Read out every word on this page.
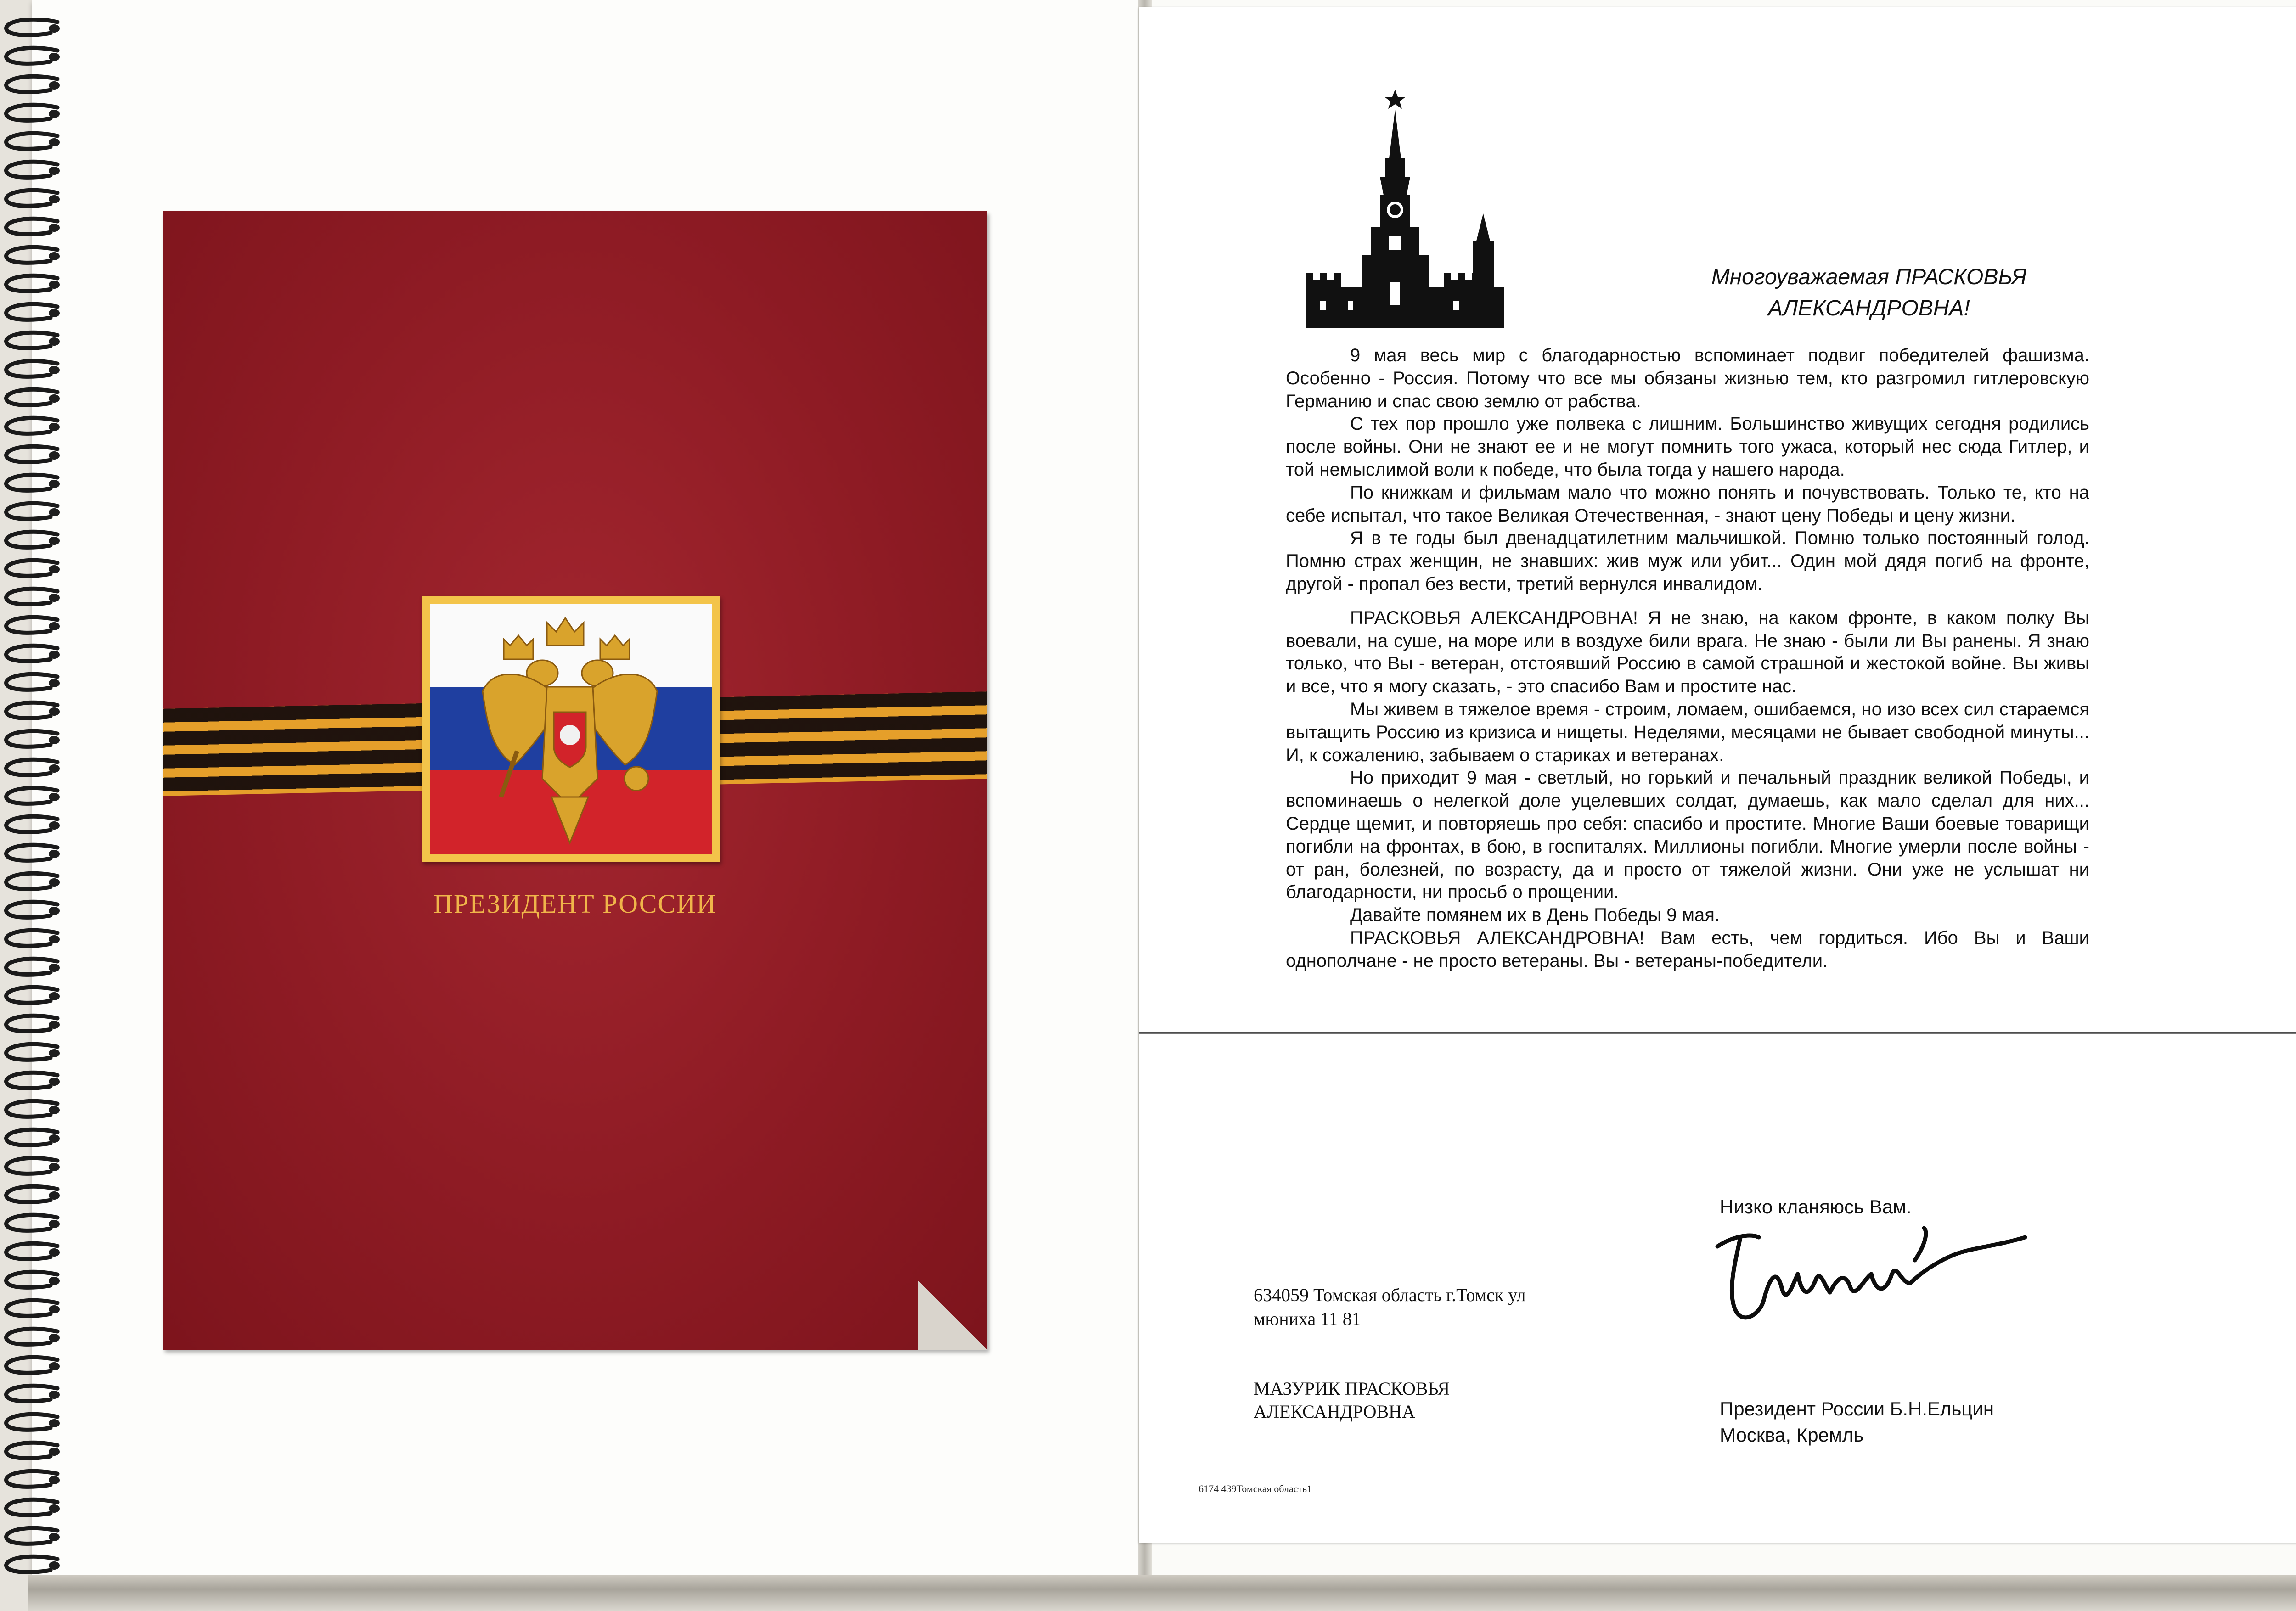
ПРЕЗИДЕНТ РОССИИ
Многоуважаемая ПРАСКОВЬЯ
АЛЕКСАНДРОВНА!

9 мая весь мир с благодарностью вспоминает подвиг победителей фашизма. Особенно - Россия. Потому что все мы обязаны жизнью тем, кто разгромил гитлеровскую Германию и спас свою землю от рабства.

С тех пор прошло уже полвека с лишним. Большинство живущих сегодня родились после войны. Они не знают ее и не могут помнить того ужаса, который нес сюда Гитлер, и той немыслимой воли к победе, что была тогда у нашего народа.

По книжкам и фильмам мало что можно понять и почувствовать. Только те, кто на себе испытал, что такое Великая Отечественная, - знают цену Победы и цену жизни.

Я в те годы был двенадцатилетним мальчишкой. Помню только постоянный голод. Помню страх женщин, не знавших: жив муж или убит... Один мой дядя погиб на фронте, другой - пропал без вести, третий вернулся инвалидом.

ПРАСКОВЬЯ АЛЕКСАНДРОВНА! Я не знаю, на каком фронте, в каком полку Вы воевали, на суше, на море или в воздухе били врага. Не знаю - были ли Вы ранены. Я знаю только, что Вы - ветеран, отстоявший Россию в самой страшной и жестокой войне. Вы живы и все, что я могу сказать, - это спасибо Вам и простите нас.

Мы живем в тяжелое время - строим, ломаем, ошибаемся, но изо всех сил стараемся вытащить Россию из кризиса и нищеты. Неделями, месяцами не бывает свободной минуты... И, к сожалению, забываем о стариках и ветеранах.

Но приходит 9 мая - светлый, но горький и печальный праздник великой Победы, и вспоминаешь о нелегкой доле уцелевших солдат, думаешь, как мало сделал для них... Сердце щемит, и повторяешь про себя: спасибо и простите. Многие Ваши боевые товарищи погибли на фронтах, в бою, в госпиталях. Миллионы погибли. Многие умерли после войны - от ран, болезней, по возрасту, да и просто от тяжелой жизни. Они уже не услышат ни благодарности, ни просьб о прощении.

Давайте помянем их в День Победы 9 мая.

ПРАСКОВЬЯ АЛЕКСАНДРОВНА! Вам есть, чем гордиться. Ибо Вы и Ваши однополчане - не просто ветераны. Вы - ветераны-победители.

Низко кланяюсь Вам.
634059 Томская область г.Томск ул
мюниха 11 81
МАЗУРИК ПРАСКОВЬЯ
АЛЕКСАНДРОВНА	Президент России Б.Н.Ельцин
Москва, Кремль
6174 439Томская область1
